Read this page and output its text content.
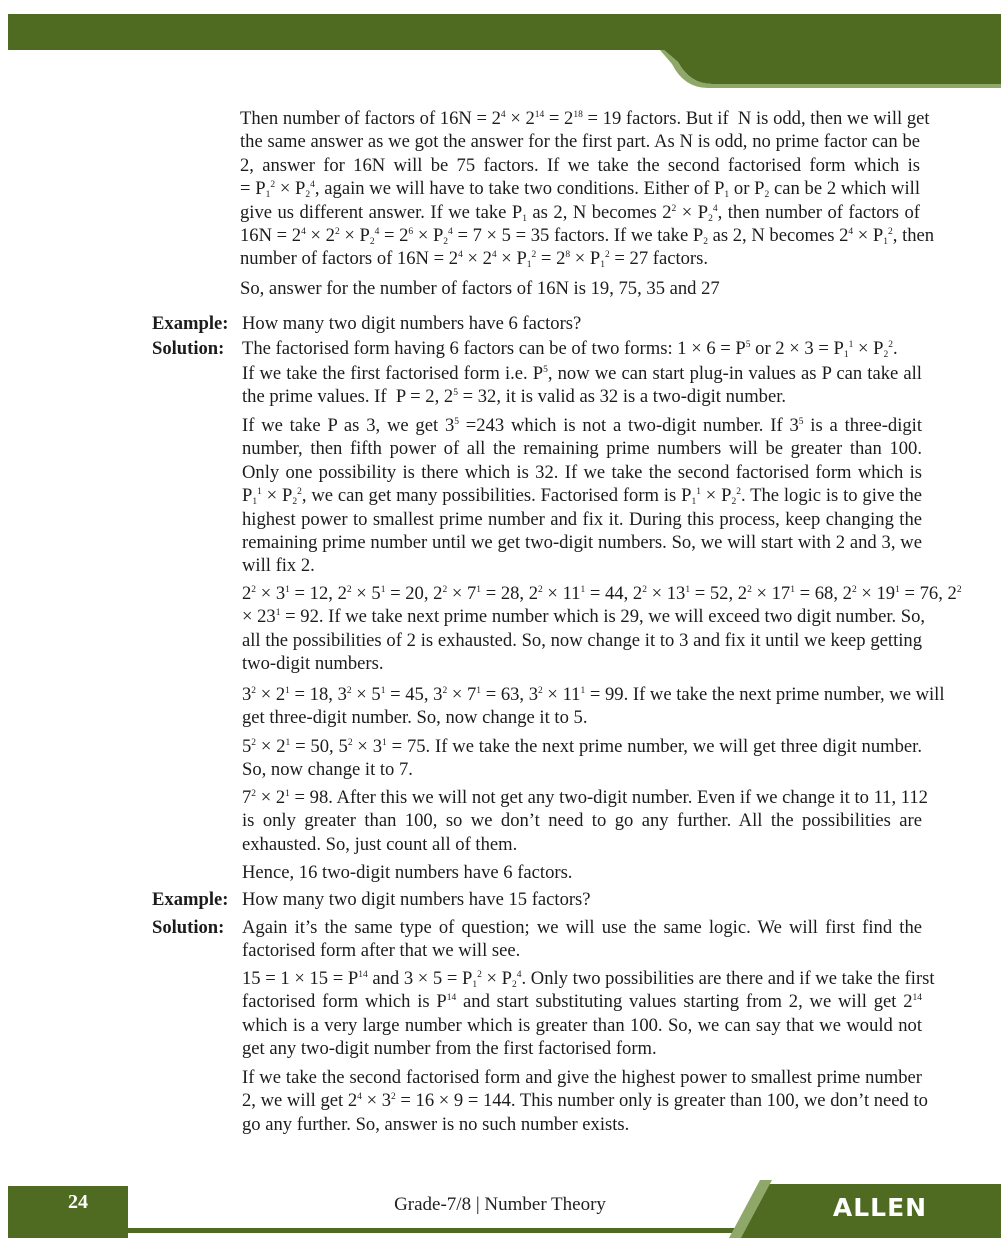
Then number of factors of $16N = 2^4 \times 2^{14} = 2^{18} = 19$ factors. But if  N is odd, then we will get
the same answer as we got the answer for the first part. As N is odd, no prime factor can be
2, answer for 16N will be 75 factors. If we take the second factorised form which is
= $P_1^2 \times P_2^4$, again we will have to take two conditions. Either of $P_1$ or $P_2$ can be 2 which will
give us different answer. If we take $P_1$ as 2, N becomes $2^2 \times P_2^4$, then number of factors of
$16N = 2^4 \times 2^2 \times P_2^4 = 2^6 \times P_2^4 = 7 \times 5 = 35$ factors. If we take $P_2$ as 2, N becomes $2^4 \times P_1^2$, then
number of factors of $16N = 2^4 \times 2^4 \times P_1^2 = 2^8 \times P_1^2 = 27$ factors.
So, answer for the number of factors of 16N is 19, 75, 35 and 27
Example: How many two digit numbers have 6 factors?
Solution: The factorised form having 6 factors can be of two forms: $1 \times 6 = P^5$ or $2 \times 3 = P_1^1 \times P_2^2$.
If we take the first factorised form i.e. $P^5$, now we can start plug-in values as P can take all
the prime values. If  P = 2, $2^5 = 32$, it is valid as 32 is a two-digit number.
If we take P as 3, we get $3^5 =243$ which is not a two-digit number. If $3^5$ is a three-digit
number, then fifth power of all the remaining prime numbers will be greater than 100.
Only one possibility is there which is 32. If we take the second factorised form which is
$P_1^1 \times P_2^2$, we can get many possibilities. Factorised form is $P_1^1 \times P_2^2$. The logic is to give the
highest power to smallest prime number and fix it. During this process, keep changing the
remaining prime number until we get two-digit numbers. So, we will start with 2 and 3, we
will fix 2.
$2^2 \times 3^1 = 12$, $2^2 \times 5^1 = 20$, $2^2 \times 7^1 = 28$, $2^2 \times 11^1 = 44$, $2^2 \times 13^1 = 52$, $2^2 \times 17^1 = 68$, $2^2 \times 19^1 = 76$, $2^2$
× $23^1 = 92$. If we take next prime number which is 29, we will exceed two digit number. So,
all the possibilities of 2 is exhausted. So, now change it to 3 and fix it until we keep getting
two-digit numbers.
$3^2 \times 2^1 = 18$, $3^2 \times 5^1 = 45$, $3^2 \times 7^1 = 63$, $3^2 \times 11^1 = 99$. If we take the next prime number, we will
get three-digit number. So, now change it to 5.
$5^2 \times 2^1 = 50$, $5^2 \times 3^1 = 75$. If we take the next prime number, we will get three digit number.
So, now change it to 7.
$7^2 \times 2^1 = 98$. After this we will not get any two-digit number. Even if we change it to 11, 112
is only greater than 100, so we don’t need to go any further. All the possibilities are
exhausted. So, just count all of them.
Hence, 16 two-digit numbers have 6 factors.
Example: How many two digit numbers have 15 factors?
Solution: Again it’s the same type of question; we will use the same logic. We will first find the
factorised form after that we will see.
$15 = 1 \times 15 = P^{14}$ and $3 \times 5 = P_1^2 \times P_2^4$. Only two possibilities are there and if we take the first
factorised form which is $P^{14}$ and start substituting values starting from 2, we will get $2^{14}$
which is a very large number which is greater than 100. So, we can say that we would not
get any two-digit number from the first factorised form.
If we take the second factorised form and give the highest power to smallest prime number
2, we will get $2^4 \times 3^2 = 16 \times 9 = 144$. This number only is greater than 100, we don’t need to
go any further. So, answer is no such number exists.
24	Grade-7/8 | Number Theory	ALLEN
